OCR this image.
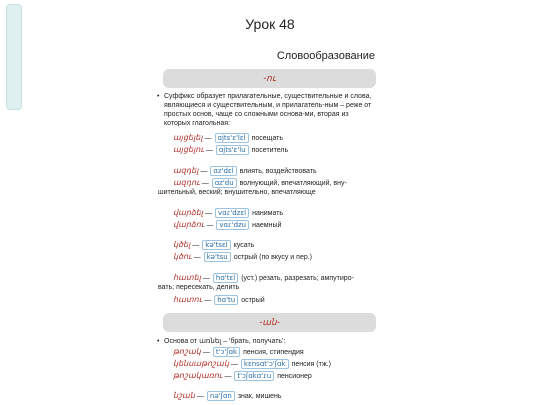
Урок 48
Словообразование
-ու
• Суффикс образует прилагательные, существительные и слова, являющиеся и существительным, и прилагатель-ным – реже от простых основ, чаще со сложными основа-ми, вторая из которых глагольная:
այցելել — ɑjts'ɛ'lɛl посещать
այցելու — ɑjts'ɛ'lu посетитель
ազդել — ɑz'dɛl влиять, воздействовать
ազդու — ɑz'du волнующий, впечатляющий, вну-
шительный, веский; внушительно, впечатляюще
վարձել — vɑɾ'dzɛl нанимать
վարձու — vɑɾ'dzu наемный
կծել — kə'tsɛl кусать
կծու — kə'tsu острый (по вкусу и пер.)
հատել — hɑ'tɛl (уст.) резать, разрезать; ампутиро-
вать; пересекать, делить
հատու — hɑ'tu острый
-ան-
• Основа от առնել – 'брать, получать':
թոշակ — t'ɔ'ʃɑk пенсия, стипендия
կենսաթոշակ — kɛnsɑt'ɔ'ʃɑk пенсия (тж.)
թոշակառու — t'ɔʃɑkɑ'ɾu пенсионер
նշան — nə'ʃɑn знак, мишень
